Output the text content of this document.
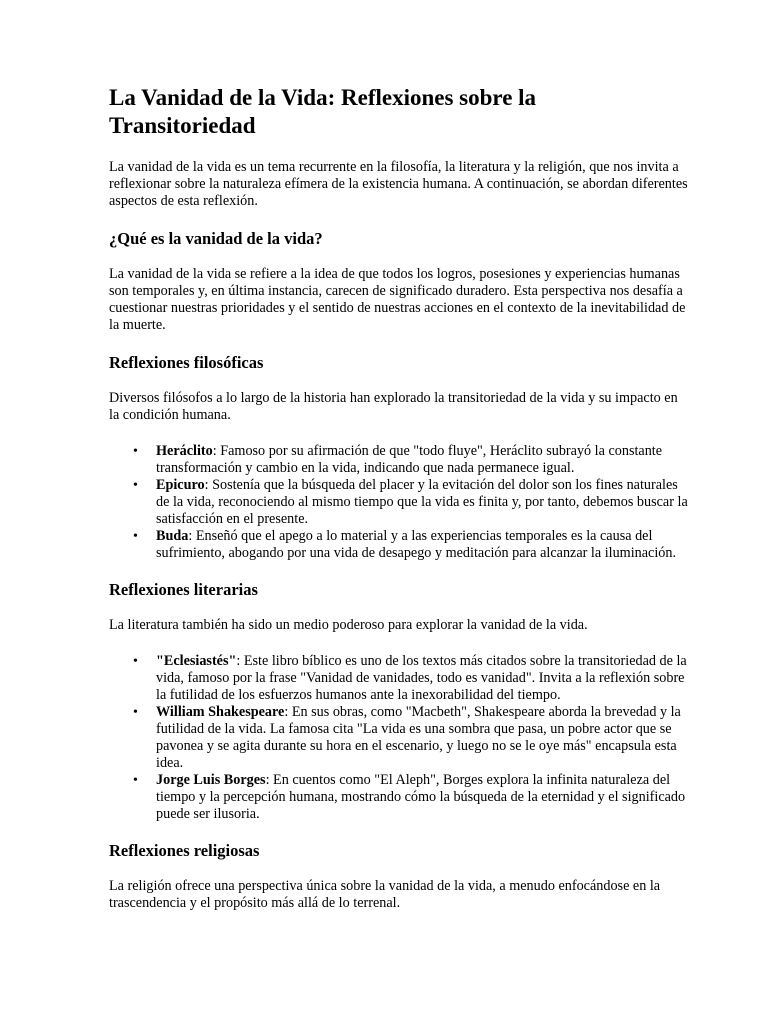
La Vanidad de la Vida: Reflexiones sobre la Transitoriedad

La vanidad de la vida es un tema recurrente en la filosofía, la literatura y la religión, que nos invita a reflexionar sobre la naturaleza efímera de la existencia humana. A continuación, se abordan diferentes aspectos de esta reflexión.

¿Qué es la vanidad de la vida?

La vanidad de la vida se refiere a la idea de que todos los logros, posesiones y experiencias humanas son temporales y, en última instancia, carecen de significado duradero. Esta perspectiva nos desafía a cuestionar nuestras prioridades y el sentido de nuestras acciones en el contexto de la inevitabilidad de la muerte.

Reflexiones filosóficas

Diversos filósofos a lo largo de la historia han explorado la transitoriedad de la vida y su impacto en la condición humana.

• Heráclito: Famoso por su afirmación de que "todo fluye", Heráclito subrayó la constante transformación y cambio en la vida, indicando que nada permanece igual.
• Epicuro: Sostenía que la búsqueda del placer y la evitación del dolor son los fines naturales de la vida, reconociendo al mismo tiempo que la vida es finita y, por tanto, debemos buscar la satisfacción en el presente.
• Buda: Enseñó que el apego a lo material y a las experiencias temporales es la causa del sufrimiento, abogando por una vida de desapego y meditación para alcanzar la iluminación.
Reflexiones literarias

La literatura también ha sido un medio poderoso para explorar la vanidad de la vida.

• "Eclesiastés": Este libro bíblico es uno de los textos más citados sobre la transitoriedad de la vida, famoso por la frase "Vanidad de vanidades, todo es vanidad". Invita a la reflexión sobre la futilidad de los esfuerzos humanos ante la inexorabilidad del tiempo.
• William Shakespeare: En sus obras, como "Macbeth", Shakespeare aborda la brevedad y la futilidad de la vida. La famosa cita "La vida es una sombra que pasa, un pobre actor que se pavonea y se agita durante su hora en el escenario, y luego no se le oye más" encapsula esta idea.
• Jorge Luis Borges: En cuentos como "El Aleph", Borges explora la infinita naturaleza del tiempo y la percepción humana, mostrando cómo la búsqueda de la eternidad y el significado puede ser ilusoria.
Reflexiones religiosas

La religión ofrece una perspectiva única sobre la vanidad de la vida, a menudo enfocándose en la trascendencia y el propósito más allá de lo terrenal.
